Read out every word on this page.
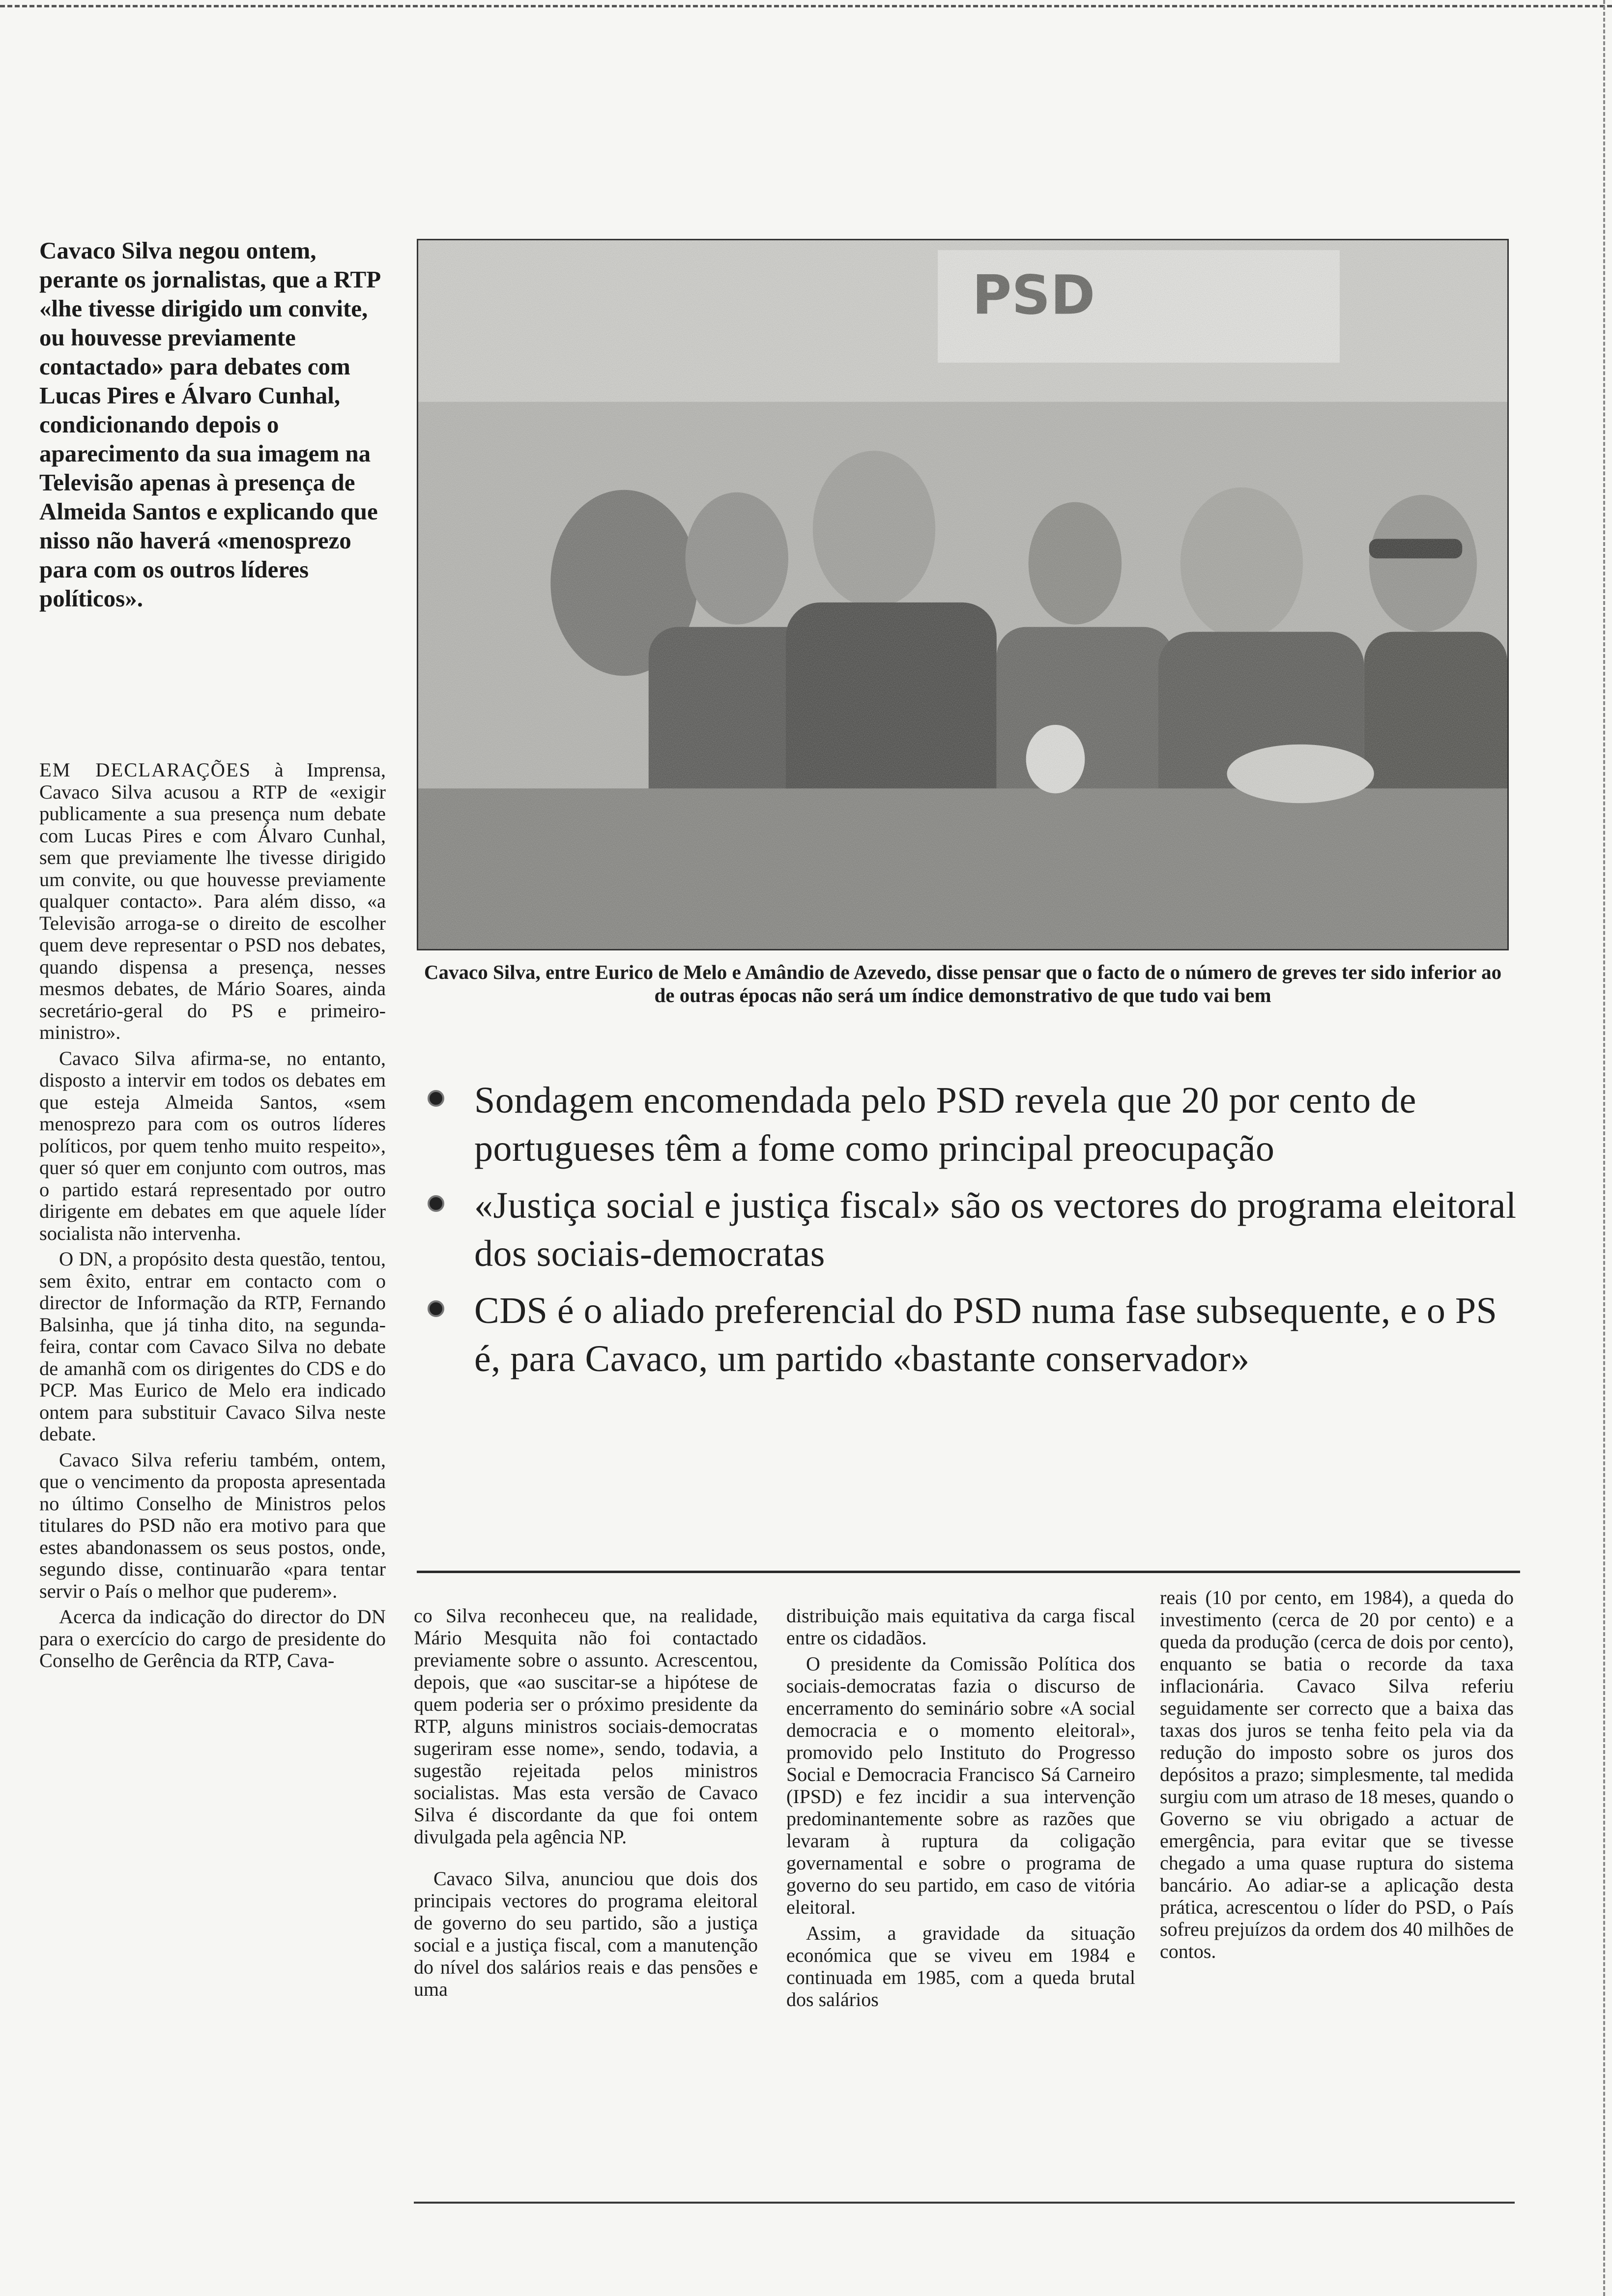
Cavaco Silva negou ontem, perante os jornalistas, que a RTP «lhe tivesse dirigido um convite, ou houvesse previamente contactado» para debates com Lucas Pires e Álvaro Cunhal, condicionando depois o aparecimento da sua imagem na Televisão apenas à presença de Almeida Santos e explicando que nisso não haverá «menosprezo para com os outros líderes políticos».

EM DECLARAÇÕES à Imprensa, Cavaco Silva acusou a RTP de «exigir publicamente a sua presença num debate com Lucas Pires e com Álvaro Cunhal, sem que previamente lhe tivesse dirigido um convite, ou que houvesse previamente qualquer contacto». Para além disso, «a Televisão arroga-se o direito de escolher quem deve representar o PSD nos debates, quando dispensa a presença, nesses mesmos debates, de Mário Soares, ainda secretário-geral do PS e primeiro-ministro».

Cavaco Silva afirma-se, no entanto, disposto a intervir em todos os debates em que esteja Almeida Santos, «sem menosprezo para com os outros líderes políticos, por quem tenho muito respeito», quer só quer em conjunto com outros, mas o partido estará representado por outro dirigente em debates em que aquele líder socialista não intervenha.

O DN, a propósito desta questão, tentou, sem êxito, entrar em contacto com o director de Informação da RTP, Fernando Balsinha, que já tinha dito, na segunda-feira, contar com Cavaco Silva no debate de amanhã com os dirigentes do CDS e do PCP. Mas Eurico de Melo era indicado ontem para substituir Cavaco Silva neste debate.

Cavaco Silva referiu também, ontem, que o vencimento da proposta apresentada no último Conselho de Ministros pelos titulares do PSD não era motivo para que estes abandonassem os seus postos, onde, segundo disse, continuarão «para tentar servir o País o melhor que puderem».

Acerca da indicação do director do DN para o exercício do cargo de presidente do Conselho de Gerência da RTP, Cava-

Cavaco Silva, entre Eurico de Melo e Amândio de Azevedo, disse pensar que o facto de o número de greves ter sido inferior ao de outras épocas não será um índice demonstrativo de que tudo vai bem
Sondagem encomendada pelo PSD revela que 20 por cento de portugueses têm a fome como principal preocupação
«Justiça social e justiça fiscal» são os vectores do programa eleitoral dos sociais-democratas
CDS é o aliado preferencial do PSD numa fase subsequente, e o PS é, para Cavaco, um partido «bastante conservador»

co Silva reconheceu que, na realidade, Mário Mesquita não foi contactado previamente sobre o assunto. Acrescentou, depois, que «ao suscitar-se a hipótese de quem poderia ser o próximo presidente da RTP, alguns ministros sociais-democratas sugeriram esse nome», sendo, todavia, a sugestão rejeitada pelos ministros socialistas. Mas esta versão de Cavaco Silva é discordante da que foi ontem divulgada pela agência NP.

Cavaco Silva, anunciou que dois dos principais vectores do programa eleitoral de governo do seu partido, são a justiça social e a justiça fiscal, com a manutenção do nível dos salários reais e das pensões e uma

distribuição mais equitativa da carga fiscal entre os cidadãos.

O presidente da Comissão Política dos sociais-democratas fazia o discurso de encerramento do seminário sobre «A social democracia e o momento eleitoral», promovido pelo Instituto do Progresso Social e Democracia Francisco Sá Carneiro (IPSD) e fez incidir a sua intervenção predominantemente sobre as razões que levaram à ruptura da coligação governamental e sobre o programa de governo do seu partido, em caso de vitória eleitoral.

Assim, a gravidade da situação económica que se viveu em 1984 e continuada em 1985, com a queda brutal dos salários

reais (10 por cento, em 1984), a queda do investimento (cerca de 20 por cento) e a queda da produção (cerca de dois por cento), enquanto se batia o recorde da taxa inflacionária. Cavaco Silva referiu seguidamente ser correcto que a baixa das taxas dos juros se tenha feito pela via da redução do imposto sobre os juros dos depósitos a prazo; simplesmente, tal medida surgiu com um atraso de 18 meses, quando o Governo se viu obrigado a actuar de emergência, para evitar que se tivesse chegado a uma quase ruptura do sistema bancário. Ao adiar-se a aplicação desta prática, acrescentou o líder do PSD, o País sofreu prejuízos da ordem dos 40 milhões de contos.
